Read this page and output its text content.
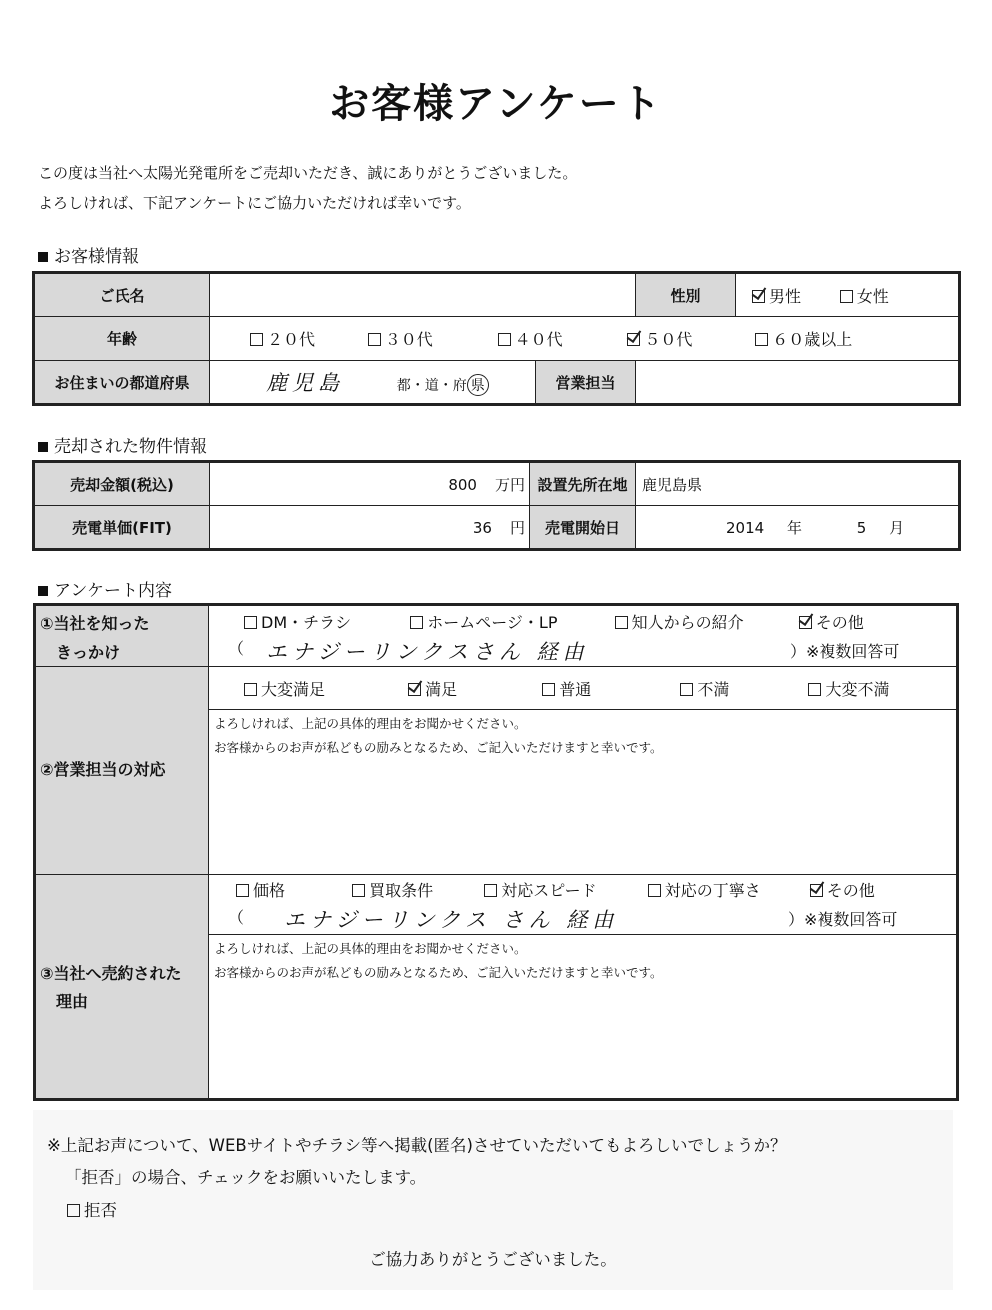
お客様アンケート
この度は当社へ太陽光発電所をご売却いただき、誠にありがとうございました。
よろしければ、下記アンケートにご協力いただければ幸いです。
お客様情報
ご氏名			性別	男性 女性
年齢	２０代 ３０代 ４０代 ５０代 ６０歳以上			
お住まいの都道府県	鹿児島 都・道・府 県	営業担当		
売却された物件情報
売却金額(税込)	800 万円	設置先所在地	鹿児島県
売電単価(FIT)	36 円	売電開始日	2014 年 5 月
アンケート内容
①当社を知った
きっかけ
DM・チラシ	ホームページ・LP	知人からの紹介	その他
（ エナジーリンクスさん 経由	）※複数回答可
②営業担当の対応
大変満足	満足	普通	不満	大変不満
よろしければ、上記の具体的理由をお聞かせください。
お客様からのお声が私どもの励みとなるため、ご記入いただけますと幸いです。
③当社へ売約された
理由
価格	買取条件	対応スピード	対応の丁寧さ	その他
（ エナジーリンクス さん 経由	）※複数回答可
よろしければ、上記の具体的理由をお聞かせください。
お客様からのお声が私どもの励みとなるため、ご記入いただけますと幸いです。
※上記お声について、WEBサイトやチラシ等へ掲載(匿名)させていただいてもよろしいでしょうか？
「拒否」の場合、チェックをお願いいたします。
拒否
ご協力ありがとうございました。
